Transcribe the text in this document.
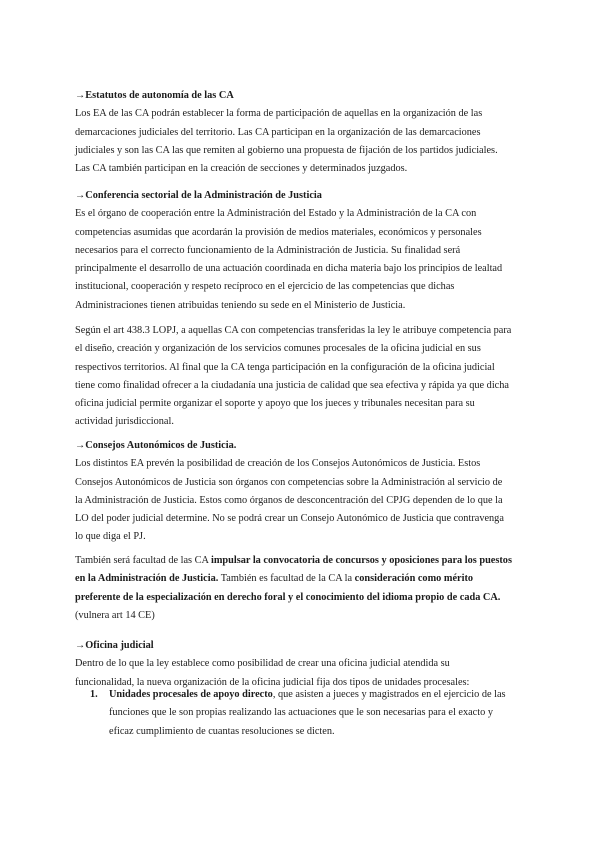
→Estatutos de autonomía de las CA

Los EA de las CA podrán establecer la forma de participación de aquellas en la organización de las

demarcaciones judiciales del territorio. Las CA participan en la organización de las demarcaciones

judiciales y son las CA las que remiten al gobierno una propuesta de fijación de los partidos judiciales.

Las CA también participan en la creación de secciones y determinados juzgados.

→Conferencia sectorial de la Administración de Justicia

Es el órgano de cooperación entre la Administración del Estado y la Administración de la CA con

competencias asumidas que acordarán la provisión de medios materiales, económicos y personales

necesarios para el correcto funcionamiento de la Administración de Justicia. Su finalidad será

principalmente el desarrollo de una actuación coordinada en dicha materia bajo los principios de lealtad

institucional, cooperación y respeto recíproco en el ejercicio de las competencias que dichas

Administraciones tienen atribuidas teniendo su sede en el Ministerio de Justicia.

Según el art 438.3 LOPJ, a aquellas CA con competencias transferidas la ley le atribuye competencia para

el diseño, creación y organización de los servicios comunes procesales de la oficina judicial en sus

respectivos territorios. Al final que la CA tenga participación en la configuración de la oficina judicial

tiene como finalidad ofrecer a la ciudadanía una justicia de calidad que sea efectiva y rápida ya que dicha

oficina judicial permite organizar el soporte y apoyo que los jueces y tribunales necesitan para su

actividad jurisdiccional.

→Consejos Autonómicos de Justicia.

Los distintos EA prevén la posibilidad de creación de los Consejos Autonómicos de Justicia. Estos

Consejos Autonómicos de Justicia son órganos con competencias sobre la Administración al servicio de

la Administración de Justicia. Estos como órganos de desconcentración del CPJG dependen de lo que la

LO del poder judicial determine. No se podrá crear un Consejo Autonómico de Justicia que contravenga

lo que diga el PJ.

También será facultad de las CA impulsar la convocatoria de concursos y oposiciones para los puestos

en la Administración de Justicia. También es facultad de la CA la consideración como mérito

preferente de la especialización en derecho foral y el conocimiento del idioma propio de cada CA.

(vulnera art 14 CE)

→Oficina judicial

Dentro de lo que la ley establece como posibilidad de crear una oficina judicial atendida su

funcionalidad, la nueva organización de la oficina judicial fija dos tipos de unidades procesales:

1. Unidades procesales de apoyo directo, que asisten a jueces y magistrados en el ejercicio de las

funciones que le son propias realizando las actuaciones que le son necesarias para el exacto y

eficaz cumplimiento de cuantas resoluciones se dicten.
